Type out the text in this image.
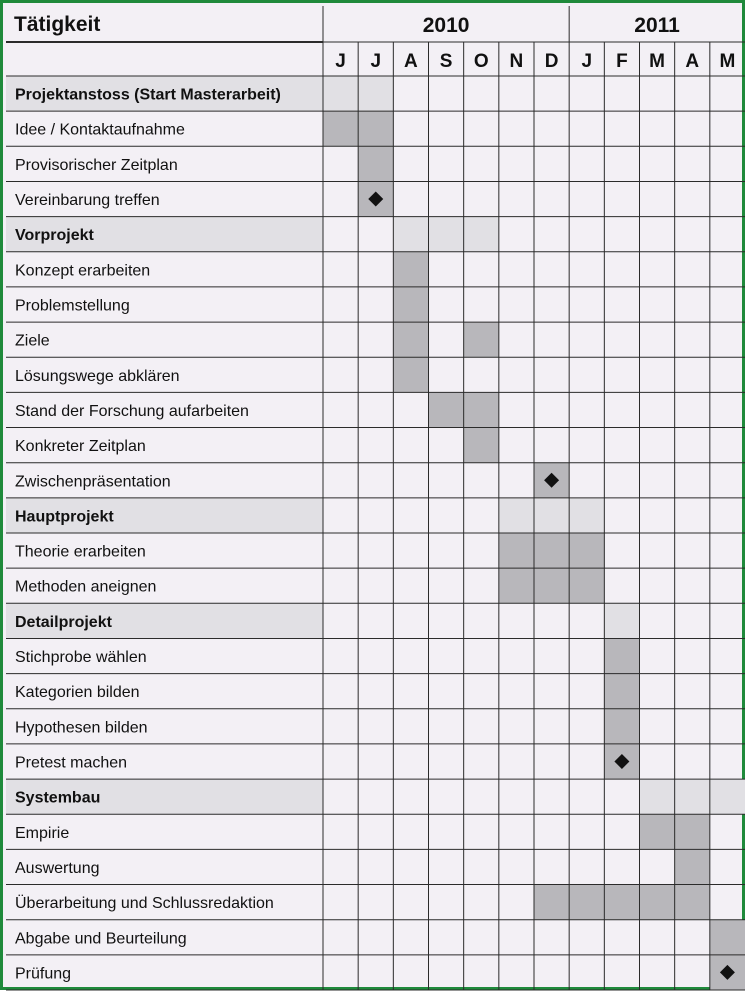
Tätigkeit	2010	2011
J J A S O N D J F M A M
Projektanstoss (Start Masterarbeit)
Idee / Kontaktaufnahme
Provisorischer Zeitplan
Vereinbarung treffen
Vorprojekt
Konzept erarbeiten
Problemstellung
Ziele
Lösungswege abklären
Stand der Forschung aufarbeiten
Konkreter Zeitplan
Zwischenpräsentation
Hauptprojekt
Theorie erarbeiten
Methoden aneignen
Detailprojekt
Stichprobe wählen
Kategorien bilden
Hypothesen bilden
Pretest machen
Systembau
Empirie
Auswertung
Überarbeitung und Schlussredaktion
Abgabe und Beurteilung
Prüfung
